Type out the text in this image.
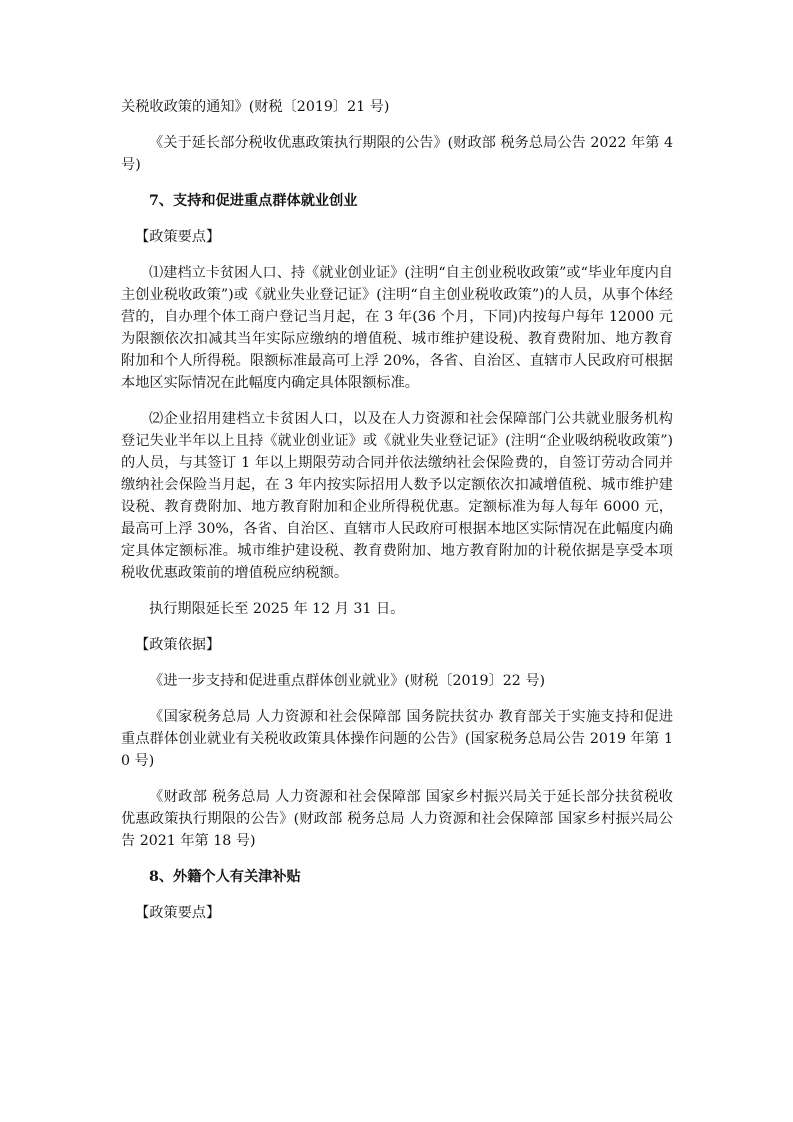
关税收政策的通知》(财税〔2019〕21 号)

《关于延长部分税收优惠政策执行期限的公告》(财政部 税务总局公告 2022 年第 4 号)

7、支持和促进重点群体就业创业

【政策要点】

⑴建档立卡贫困人口、持《就业创业证》(注明“自主创业税收政策”或“毕业年度内自主创业税收政策”)或《就业失业登记证》(注明“自主创业税收政策”)的人员，从事个体经营的，自办理个体工商户登记当月起，在 3 年(36 个月，下同)内按每户每年 12000 元为限额依次扣减其当年实际应缴纳的增值税、城市维护建设税、教育费附加、地方教育附加和个人所得税。限额标准最高可上浮 20%，各省、自治区、直辖市人民政府可根据本地区实际情况在此幅度内确定具体限额标准。

⑵企业招用建档立卡贫困人口，以及在人力资源和社会保障部门公共就业服务机构登记失业半年以上且持《就业创业证》或《就业失业登记证》(注明“企业吸纳税收政策”)的人员，与其签订 1 年以上期限劳动合同并依法缴纳社会保险费的，自签订劳动合同并缴纳社会保险当月起，在 3 年内按实际招用人数予以定额依次扣减增值税、城市维护建设税、教育费附加、地方教育附加和企业所得税优惠。定额标准为每人每年 6000 元，最高可上浮 30%，各省、自治区、直辖市人民政府可根据本地区实际情况在此幅度内确定具体定额标准。城市维护建设税、教育费附加、地方教育附加的计税依据是享受本项税收优惠政策前的增值税应纳税额。

执行期限延长至 2025 年 12 月 31 日。

【政策依据】

《进一步支持和促进重点群体创业就业》(财税〔2019〕22 号)

《国家税务总局 人力资源和社会保障部 国务院扶贫办 教育部关于实施支持和促进重点群体创业就业有关税收政策具体操作问题的公告》(国家税务总局公告 2019 年第 10 号)

《财政部 税务总局 人力资源和社会保障部 国家乡村振兴局关于延长部分扶贫税收优惠政策执行期限的公告》(财政部 税务总局 人力资源和社会保障部 国家乡村振兴局公告 2021 年第 18 号)

8、外籍个人有关津补贴

【政策要点】
